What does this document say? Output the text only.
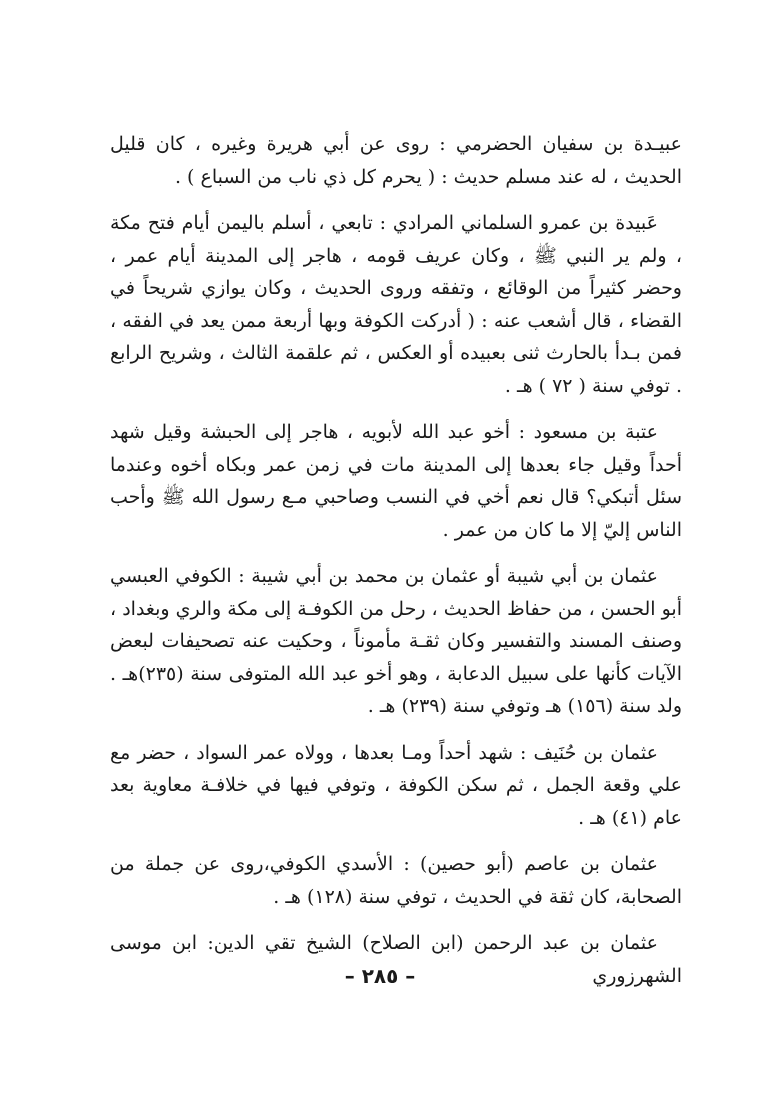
عبيـدة بن سفيان الحضرمي : روى عن أبي هريرة وغيره ، كان قليل الحديث ، له عند مسلم حديث : ( يحرم كل ذي ناب من السباع ) .

عَبيدة بن عمرو السلماني المرادي : تابعي ، أسلم باليمن أيام فتح مكة ، ولم ير النبي ﷺ ، وكان عريف قومه ، هاجر إلى المدينة أيام عمر ، وحضر كثيراً من الوقائع ، وتفقه وروى الحديث ، وكان يوازي شريحاً في القضاء ، قال أشعب عنه : ( أدركت الكوفة وبها أربعة ممن يعد في الفقه ، فمن بـدأ بالحارث ثنى بعبيده أو العكس ، ثم علقمة الثالث ، وشريح الرابع . توفي سنة ( ٧٢ ) هـ .

عتبة بن مسعود : أخو عبد الله لأبويه ، هاجر إلى الحبشة وقيل شهد أحداً وقيل جاء بعدها إلى المدينة مات في زمن عمر وبكاه أخوه وعندما سئل أتبكي؟ قال نعم أخي في النسب وصاحبي مـع رسول الله ﷺ وأحب الناس إليّ إلا ما كان من عمر .

عثمان بن أبي شيبة أو عثمان بن محمد بن أبي شيبة : الكوفي العبسي أبو الحسن ، من حفاظ الحديث ، رحل من الكوفـة إلى مكة والري وبغداد ، وصنف المسند والتفسير وكان ثقـة مأموناً ، وحكيت عنه تصحيفات لبعض الآيات كأنها على سبيل الدعابة ، وهو أخو عبد الله المتوفى سنة (٢٣٥)هـ . ولد سنة (١٥٦) هـ وتوفي سنة (٢٣٩) هـ .

عثمان بن حُنَيف : شهد أحداً ومـا بعدها ، وولاه عمر السواد ، حضر مع علي وقعة الجمل ، ثم سكن الكوفة ، وتوفي فيها في خلافـة معاوية بعد عام (٤١) هـ .

عثمان بن عاصم (أبو حصين) : الأسدي الكوفي،روى عن جملة من الصحابة، كان ثقة في الحديث ، توفي سنة (١٢٨) هـ .

عثمان بن عبد الرحمن (ابن الصلاح) الشيخ تقي الدين: ابن موسى الشهرزوري

– ٢٨٥ –
